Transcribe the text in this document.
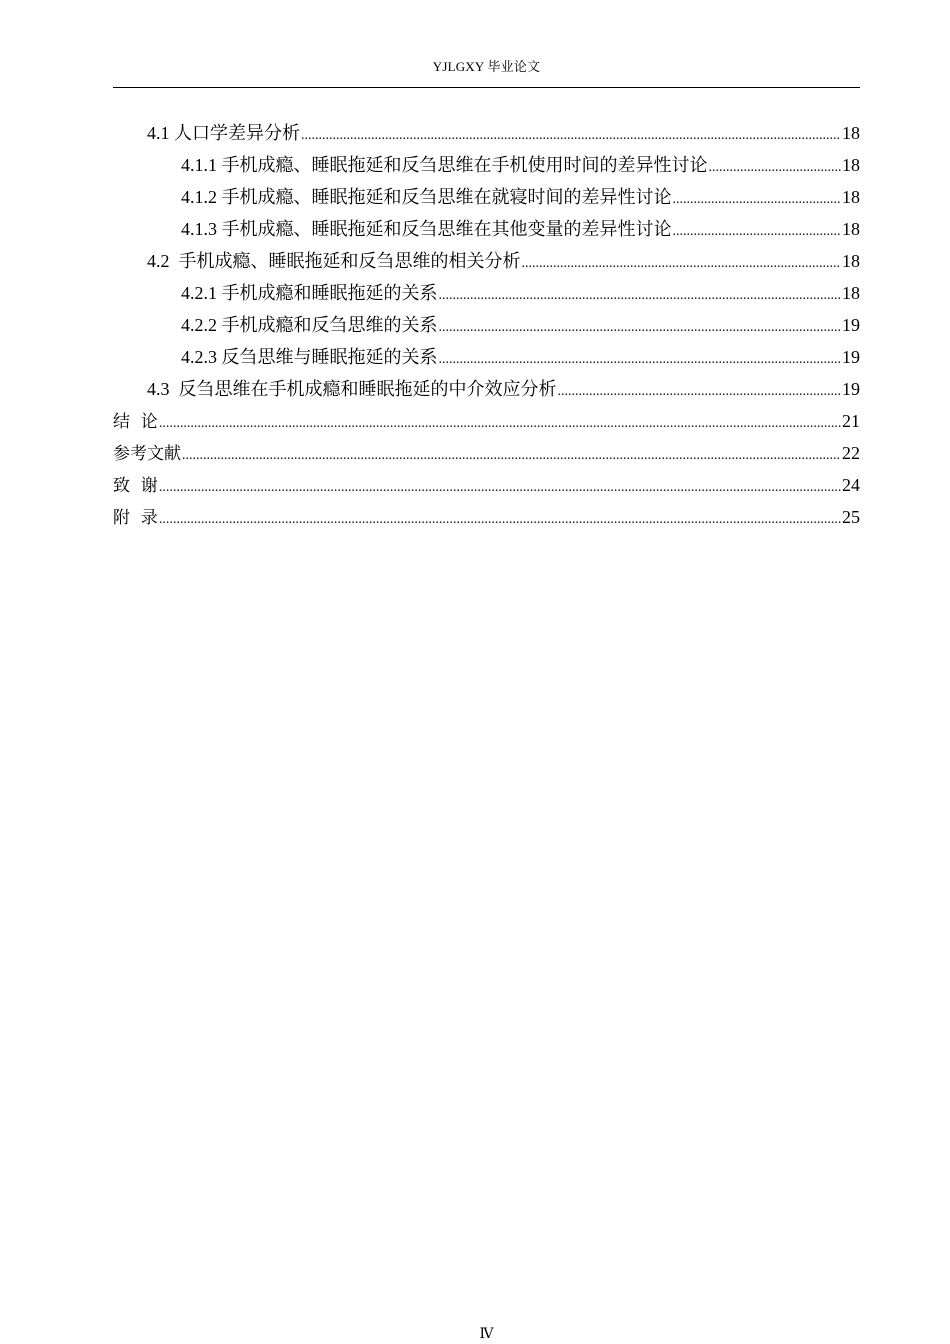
YJLGXY 毕业论文
4.1 人口学差异分析 .....	18
4.1.1 手机成瘾、睡眠拖延和反刍思维在手机使用时间的差异性讨论 .....	18
4.1.2 手机成瘾、睡眠拖延和反刍思维在就寝时间的差异性讨论 .....	18
4.1.3 手机成瘾、睡眠拖延和反刍思维在其他变量的差异性讨论 .....	18
4.2  手机成瘾、睡眠拖延和反刍思维的相关分析 .....	18
4.2.1 手机成瘾和睡眠拖延的关系 .....	18
4.2.2 手机成瘾和反刍思维的关系 .....	19
4.2.3 反刍思维与睡眠拖延的关系 .....	19
4.3  反刍思维在手机成瘾和睡眠拖延的中介效应分析 .....	19
结  论 .....	21
参考文献 .....	22
致  谢 .....	24
附  录 .....	25
Ⅳ
